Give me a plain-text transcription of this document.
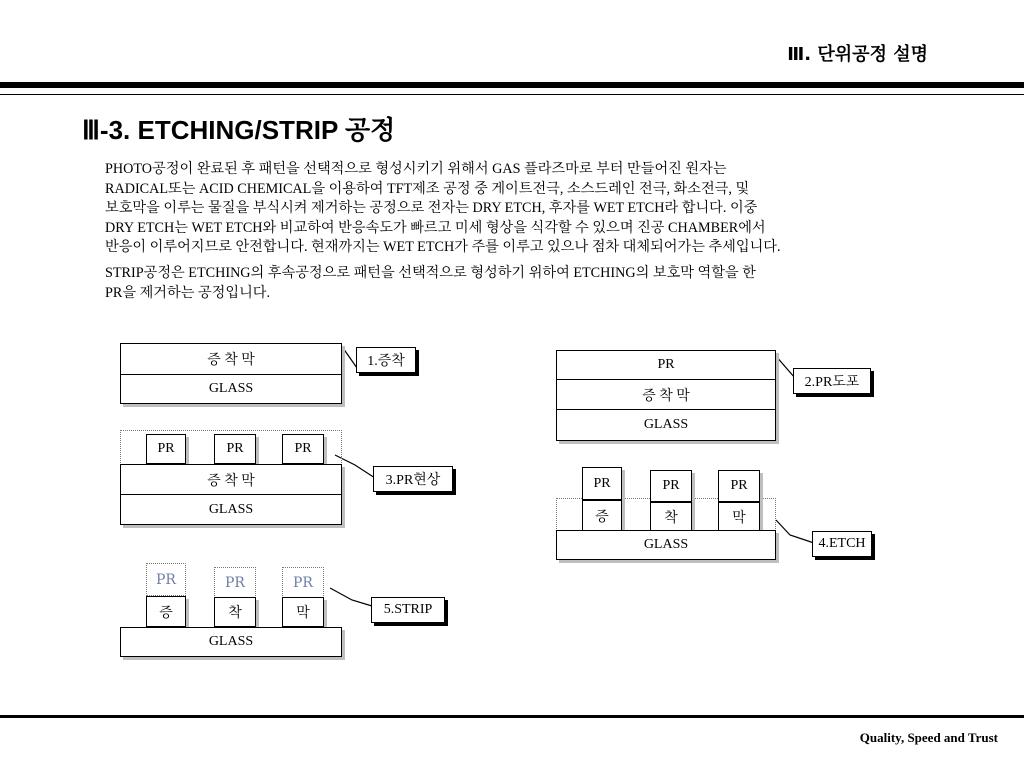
Ⅲ. 단위공정 설명
Ⅲ-3. ETCHING/STRIP 공정
PHOTO공정이 완료된 후 패턴을 선택적으로 형성시키기 위해서 GAS 플라즈마로 부터 만들어진 원자는
RADICAL또는 ACID CHEMICAL을 이용하여 TFT제조 공정 중 게이트전극, 소스드레인 전극, 화소전극, 및
보호막을 이루는 물질을 부식시켜 제거하는 공정으로 전자는 DRY ETCH, 후자를 WET ETCH라 합니다. 이중
DRY ETCH는 WET ETCH와 비교하여 반응속도가 빠르고 미세 형상을 식각할 수 있으며 진공 CHAMBER에서
반응이 이루어지므로 안전합니다. 현재까지는 WET ETCH가 주를 이루고 있으나 점차 대체되어가는 추세입니다.
STRIP공정은 ETCHING의 후속공정으로 패턴을 선택적으로 형성하기 위하여 ETCHING의 보호막 역할을 한
PR을 제거하는 공정입니다.
증 착 막
GLASS
1.증착	PR
증 착 막
GLASS
2.PR도포
PR	PR	PR
증 착 막
GLASS
3.PR현상	PR	PR	PR
증	착	막
GLASS	4.ETCH
PR	PR	PR
증	착	막
GLASS
5.STRIP
Quality, Speed and Trust
